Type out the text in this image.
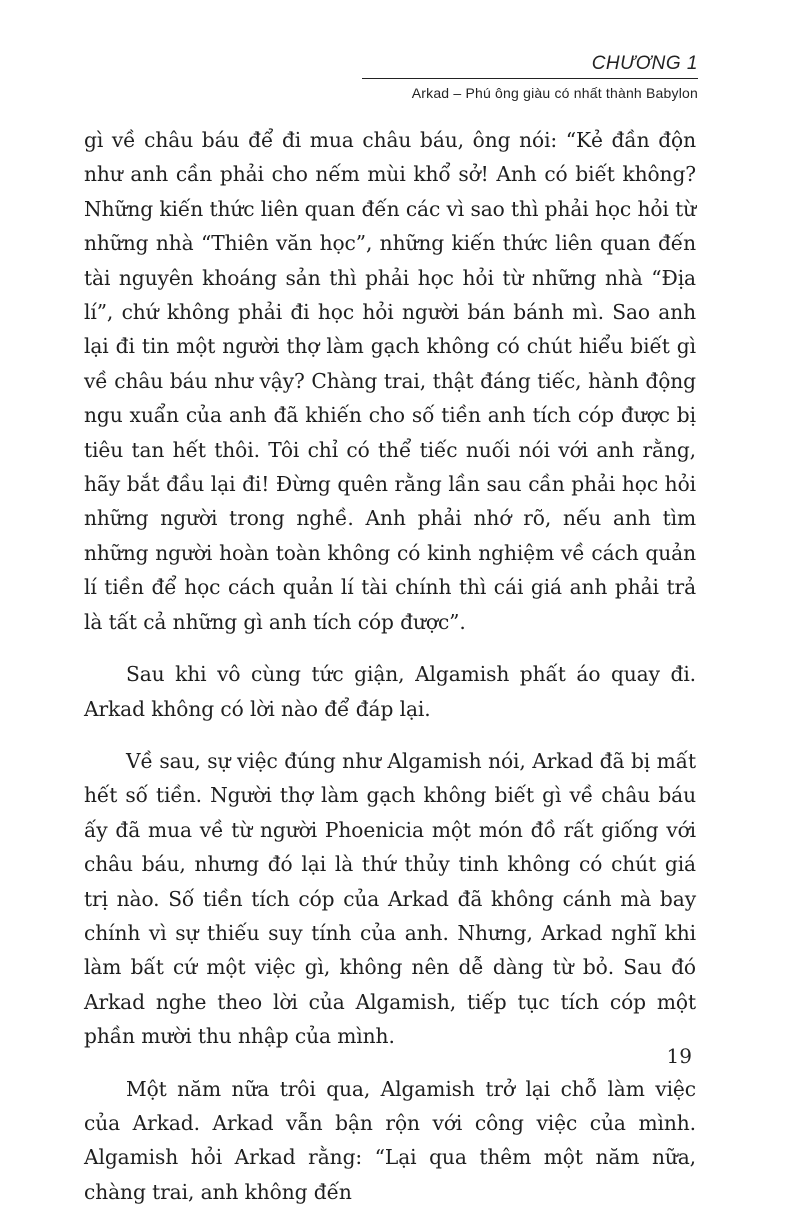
CHƯƠNG 1
Arkad – Phú ông giàu có nhất thành Babylon

gì về châu báu để đi mua châu báu, ông nói: “Kẻ đần độn như anh cần phải cho nếm mùi khổ sở! Anh có biết không? Những kiến thức liên quan đến các vì sao thì phải học hỏi từ những nhà “Thiên văn học”, những kiến thức liên quan đến tài nguyên khoáng sản thì phải học hỏi từ những nhà “Địa lí”, chứ không phải đi học hỏi người bán bánh mì. Sao anh lại đi tin một người thợ làm gạch không có chút hiểu biết gì về châu báu như vậy? Chàng trai, thật đáng tiếc, hành động ngu xuẩn của anh đã khiến cho số tiền anh tích cóp được bị tiêu tan hết thôi. Tôi chỉ có thể tiếc nuối nói với anh rằng, hãy bắt đầu lại đi! Đừng quên rằng lần sau cần phải học hỏi những người trong nghề. Anh phải nhớ rõ, nếu anh tìm những người hoàn toàn không có kinh nghiệm về cách quản lí tiền để học cách quản lí tài chính thì cái giá anh phải trả là tất cả những gì anh tích cóp được”.

Sau khi vô cùng tức giận, Algamish phất áo quay đi. Arkad không có lời nào để đáp lại.

Về sau, sự việc đúng như Algamish nói, Arkad đã bị mất hết số tiền. Người thợ làm gạch không biết gì về châu báu ấy đã mua về từ người Phoenicia một món đồ rất giống với châu báu, nhưng đó lại là thứ thủy tinh không có chút giá trị nào. Số tiền tích cóp của Arkad đã không cánh mà bay chính vì sự thiếu suy tính của anh. Nhưng, Arkad nghĩ khi làm bất cứ một việc gì, không nên dễ dàng từ bỏ. Sau đó Arkad nghe theo lời của Algamish, tiếp tục tích cóp một phần mười thu nhập của mình.

Một năm nữa trôi qua, Algamish trở lại chỗ làm việc của Arkad. Arkad vẫn bận rộn với công việc của mình. Algamish hỏi Arkad rằng: “Lại qua thêm một năm nữa, chàng trai, anh không đến

19
